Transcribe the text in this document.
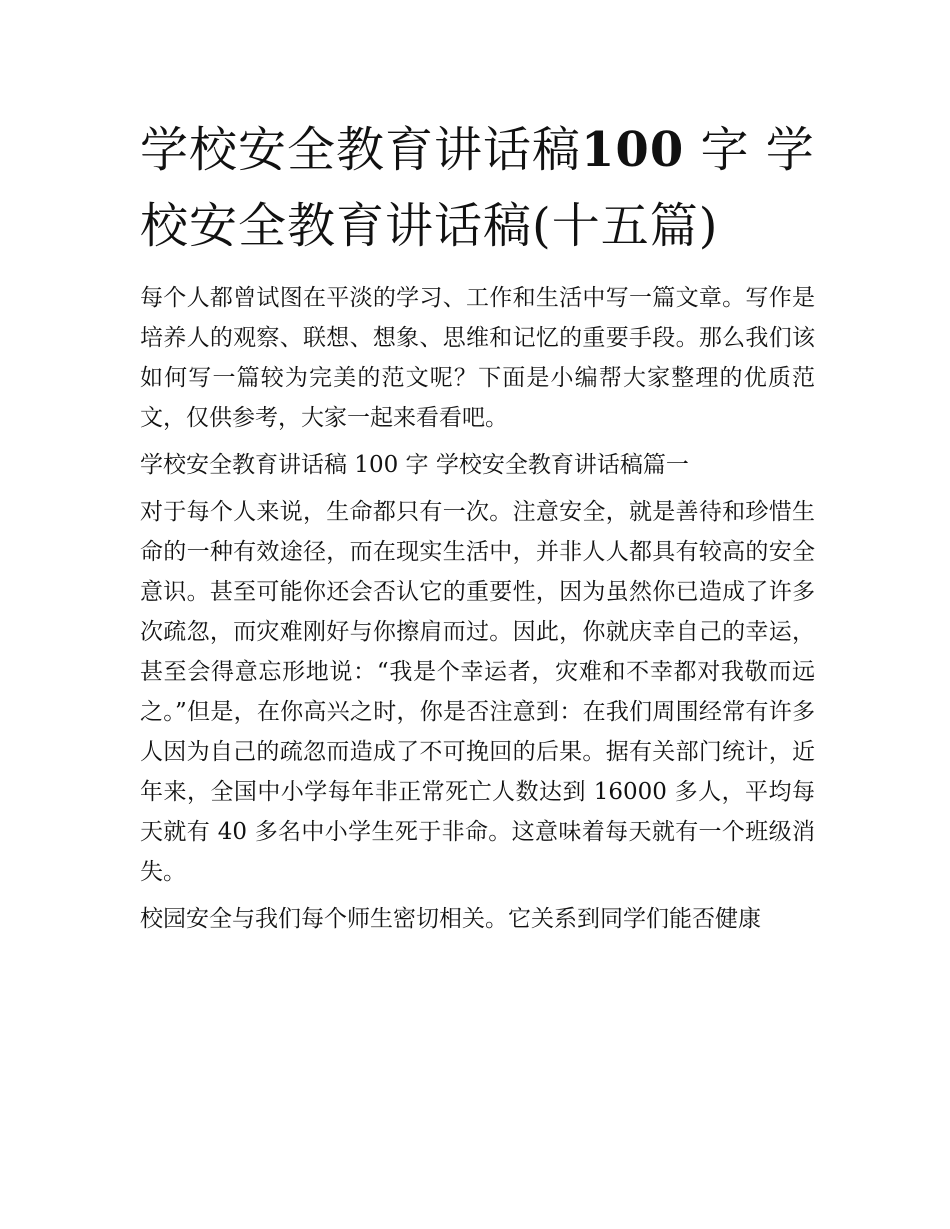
学校安全教育讲话稿100 字 学校安全教育讲话稿(十五篇)

每个人都曾试图在平淡的学习、工作和生活中写一篇文章。写作是培养人的观察、联想、想象、思维和记忆的重要手段。那么我们该如何写一篇较为完美的范文呢？下面是小编帮大家整理的优质范文，仅供参考，大家一起来看看吧。

学校安全教育讲话稿 100 字 学校安全教育讲话稿篇一

对于每个人来说，生命都只有一次。注意安全，就是善待和珍惜生命的一种有效途径，而在现实生活中，并非人人都具有较高的安全意识。甚至可能你还会否认它的重要性，因为虽然你已造成了许多次疏忽，而灾难刚好与你擦肩而过。因此，你就庆幸自己的幸运，甚至会得意忘形地说：“我是个幸运者，灾难和不幸都对我敬而远之。”但是，在你高兴之时，你是否注意到：在我们周围经常有许多人因为自己的疏忽而造成了不可挽回的后果。据有关部门统计，近年来，全国中小学每年非正常死亡人数达到 16000 多人，平均每天就有 40 多名中小学生死于非命。这意味着每天就有一个班级消失。

校园安全与我们每个师生密切相关。它关系到同学们能否健康
